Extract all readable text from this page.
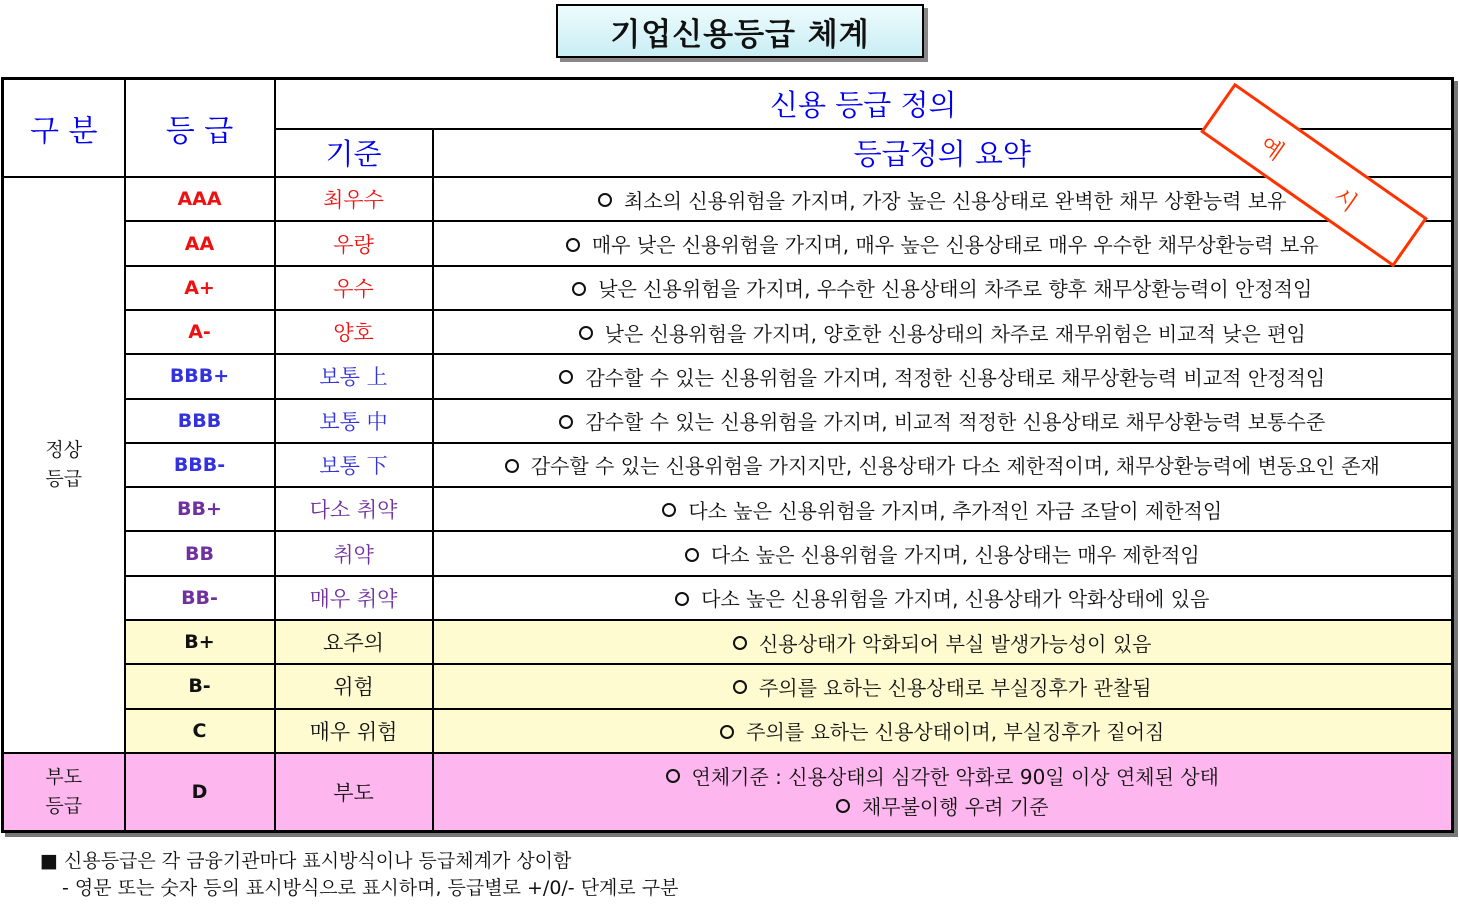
기업신용등급 체계
구 분	등 급	신용 등급 정의	
		기준	등급정의 요약
정상
등급	AAA	최우수	최소의 신용위험을 가지며, 가장 높은 신용상태로 완벽한 채무 상환능력 보유
	AA	우량	매우 낮은 신용위험을 가지며, 매우 높은 신용상태로 매우 우수한 채무상환능력 보유
	A+	우수	낮은 신용위험을 가지며, 우수한 신용상태의 차주로 향후 채무상환능력이 안정적임
	A-	양호	낮은 신용위험을 가지며, 양호한 신용상태의 차주로 재무위험은 비교적 낮은 편임
	BBB+	보통 上	감수할 수 있는 신용위험을 가지며, 적정한 신용상태로 채무상환능력 비교적 안정적임
	BBB	보통 中	감수할 수 있는 신용위험을 가지며, 비교적 적정한 신용상태로 채무상환능력 보통수준
	BBB-	보통 下	감수할 수 있는 신용위험을 가지지만, 신용상태가 다소 제한적이며, 채무상환능력에 변동요인 존재
	BB+	다소 취약	다소 높은 신용위험을 가지며, 추가적인 자금 조달이 제한적임
	BB	취약	다소 높은 신용위험을 가지며, 신용상태는 매우 제한적임
	BB-	매우 취약	다소 높은 신용위험을 가지며, 신용상태가 악화상태에 있음
	B+	요주의	신용상태가 악화되어 부실 발생가능성이 있음
	B-	위험	주의를 요하는 신용상태로 부실징후가 관찰됨
	C	매우 위험	주의를 요하는 신용상태이며, 부실징후가 짙어짐
부도
등급	D	부도	연체기준 : 신용상태의 심각한 악화로 90일 이상 연체된 상태
채무불이행 우려 기준
예 시
■ 신용등급은 각 금융기관마다 표시방식이나 등급체계가 상이함
- 영문 또는 숫자 등의 표시방식으로 표시하며, 등급별로 +/0/- 단계로 구분
